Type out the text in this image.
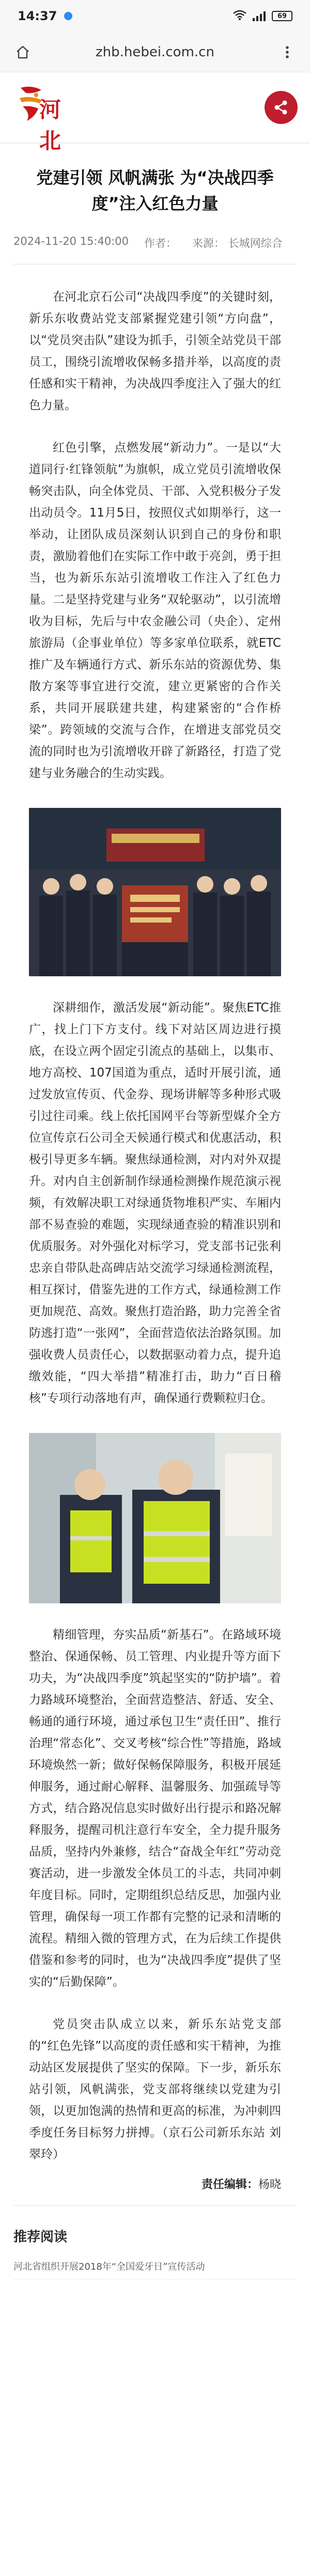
14:37	69
zhb.hebei.com.cn
河北
党建引领 风帆满张 为“决战四季度”注入红色力量
2024-11-20 15:40:00 作者： 来源： 长城网综合

在河北京石公司“决战四季度”的关键时刻，新乐东收费站党支部紧握党建引领“方向盘”，以“党员突击队”建设为抓手，引领全站党员干部员工，围绕引流增收保畅多措并举，以高度的责任感和实干精神，为决战四季度注入了强大的红色力量。

红色引擎，点燃发展“新动力”。一是以“大道同行·红锋领航”为旗帜，成立党员引流增收保畅突击队，向全体党员、干部、入党积极分子发出动员令。11月5日，按照仪式如期举行，这一举动，让团队成员深刻认识到自己的身份和职责，激励着他们在实际工作中敢于亮剑，勇于担当，也为新乐东站引流增收工作注入了红色力量。二是坚持党建与业务“双轮驱动”，以引流增收为目标，先后与中农金融公司（央企）、定州旅游局（企事业单位）等多家单位联系，就ETC推广及车辆通行方式、新乐东站的资源优势、集散方案等事宜进行交流，建立更紧密的合作关系，共同开展联建共建，构建紧密的“合作桥梁”。跨领域的交流与合作，在增进支部党员交流的同时也为引流增收开辟了新路径，打造了党建与业务融合的生动实践。

深耕细作，激活发展“新动能”。聚焦ETC推广，找上门下方支付。线下对站区周边进行摸底，在设立两个固定引流点的基础上，以集市、地方高校、107国道为重点，适时开展引流，通过发放宣传页、代金券、现场讲解等多种形式吸引过往司乘。线上依托国网平台等新型媒介全方位宣传京石公司全天候通行模式和优惠活动，积极引导更多车辆。聚焦绿通检测，对内对外双提升。对内自主创新制作绿通检测操作规范演示视频，有效解决职工对绿通货物堆积严实、车厢内部不易查验的难题，实现绿通查验的精准识别和优质服务。对外强化对标学习，党支部书记张利忠亲自带队赴高碑店站交流学习绿通检测流程，相互探讨，借鉴先进的工作方式，绿通检测工作更加规范、高效。聚焦打造治路，助力完善全省防逃打造“一张网”，全面营造依法治路氛围。加强收费人员责任心，以数据驱动着力点，提升追缴效能，“四大举措”精准打击，助力“百日稽核”专项行动落地有声，确保通行费颗粒归仓。

精细管理，夯实品质“新基石”。在路域环境整治、保通保畅、员工管理、内业提升等方面下功夫，为“决战四季度”筑起坚实的“防护墙”。着力路域环境整治，全面营造整洁、舒适、安全、畅通的通行环境，通过承包卫生“责任田”、推行治理“常态化”、交叉考核“综合性”等措施，路域环境焕然一新；做好保畅保障服务，积极开展延伸服务，通过耐心解释、温馨服务、加强疏导等方式，结合路况信息实时做好出行提示和路况解释服务，提醒司机注意行车安全，全力提升服务品质，坚持内外兼修，结合“奋战全年红”劳动竞赛活动，进一步激发全体员工的斗志，共同冲刺年度目标。同时，定期组织总结反思，加强内业管理，确保每一项工作都有完整的记录和清晰的流程。精细入微的管理方式，在为后续工作提供借鉴和参考的同时，也为“决战四季度”提供了坚实的“后勤保障”。

党员突击队成立以来，新乐东站党支部的“红色先锋”以高度的责任感和实干精神，为推动站区发展提供了坚实的保障。下一步，新乐东站引领，风帆满张，党支部将继续以党建为引领，以更加饱满的热情和更高的标准，为冲刺四季度任务目标努力拼搏。（京石公司新乐东站 刘翠玲）

责任编辑：杨晓

推荐阅读
河北省组织开展2018年“全国爱牙日”宣传活动
